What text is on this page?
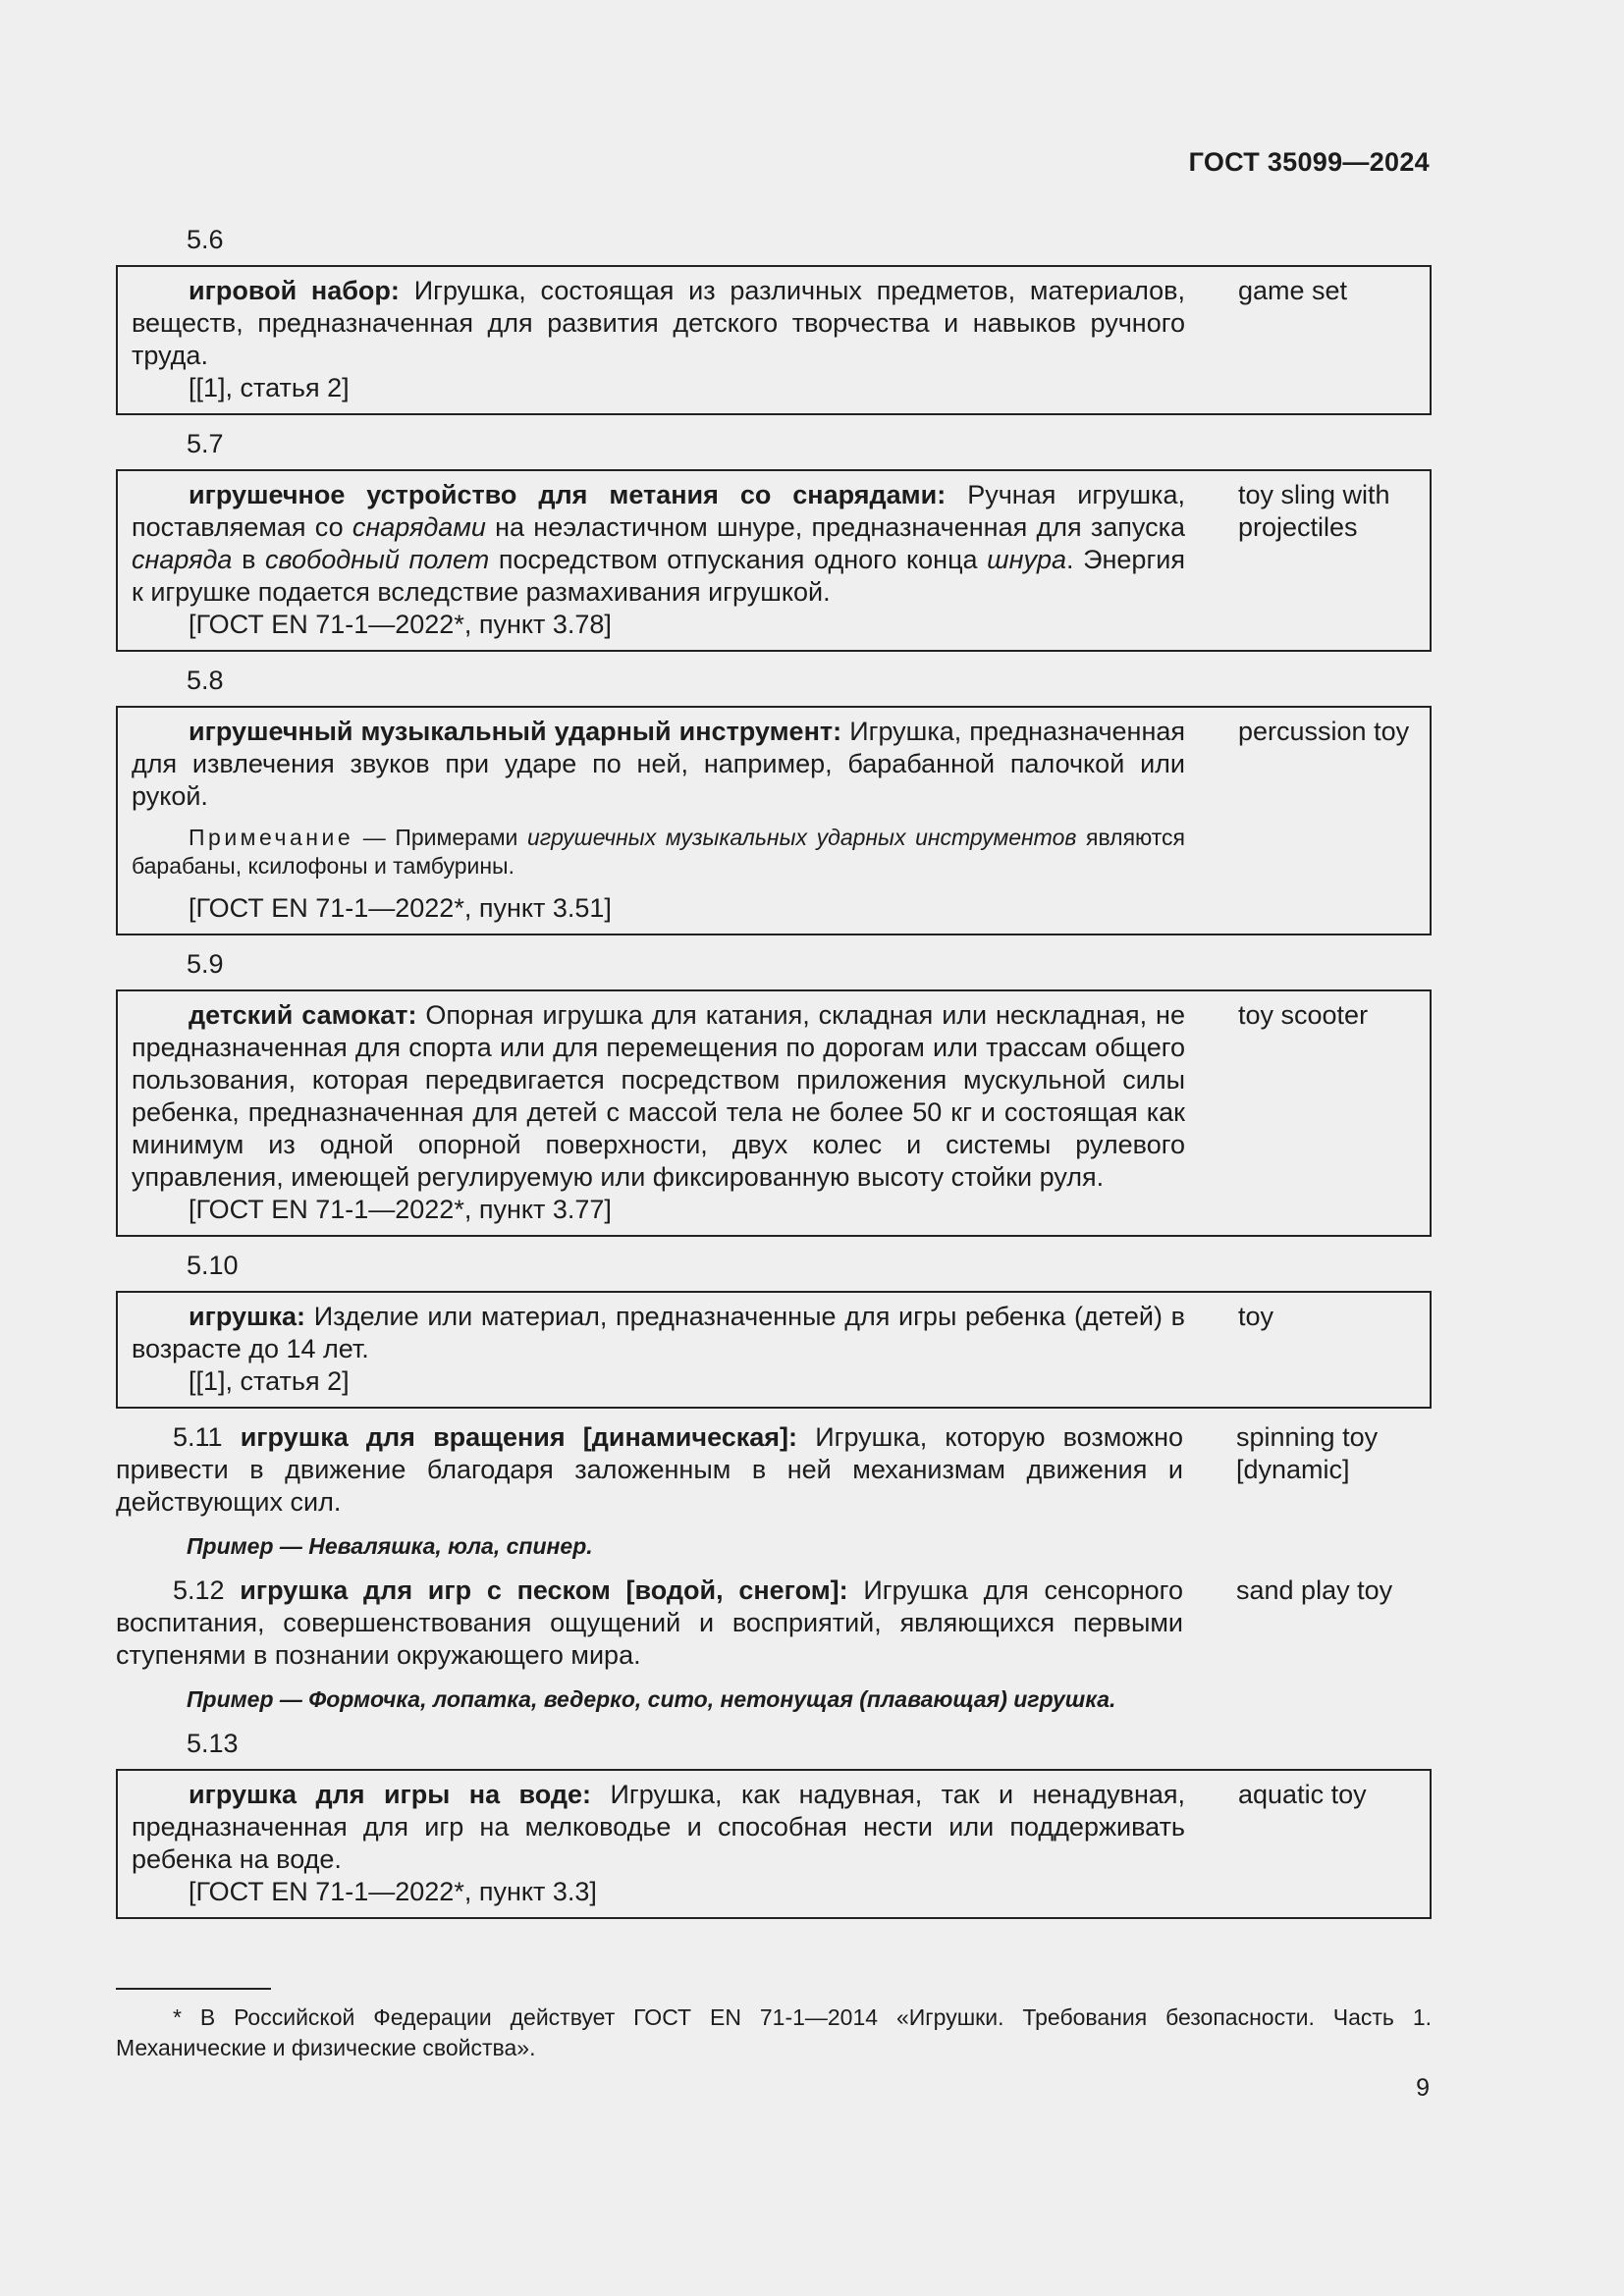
ГОСТ 35099—2024
5.6

игровой набор: Игрушка, состоящая из различных предметов, материалов, веществ, предназначенная для развития детского творчества и навыков ручного труда.

[[1], статья 2]
game set
5.7

игрушечное устройство для метания со снарядами: Ручная игрушка, поставляемая со снарядами на неэластичном шнуре, предназначенная для запуска снаряда в свободный полет посредством отпускания одного конца шнура. Энергия к игрушке подается вследствие размахивания игрушкой.

[ГОСТ EN 71-1—2022*, пункт 3.78]
toy sling with
projectiles
5.8

игрушечный музыкальный ударный инструмент: Игрушка, предназначенная для извлечения звуков при ударе по ней, например, барабанной палочкой или рукой.

Примечание — Примерами игрушечных музыкальных ударных инструментов являются барабаны, ксилофоны и тамбурины.

[ГОСТ EN 71-1—2022*, пункт 3.51]
percussion toy
5.9

детский самокат: Опорная игрушка для катания, складная или нескладная, не предназначенная для спорта или для перемещения по дорогам или трассам общего пользования, которая передвигается посредством приложения мускульной силы ребенка, предназначенная для детей с массой тела не более 50 кг и состоящая как минимум из одной опорной поверхности, двух колес и системы рулевого управления, имеющей регулируемую или фиксированную высоту стойки руля.

[ГОСТ EN 71-1—2022*, пункт 3.77]
toy scooter
5.10

игрушка: Изделие или материал, предназначенные для игры ребенка (детей) в возрасте до 14 лет.

[[1], статья 2]
toy

5.11 игрушка для вращения [динамическая]: Игрушка, которую возможно привести в движение благодаря заложенным в ней механизмам движения и действующих сил.

spinning toy
[dynamic]
Пример — Неваляшка, юла, спинер.

5.12 игрушка для игр с песком [водой, снегом]: Игрушка для сенсорного воспитания, совершенствования ощущений и восприятий, являющихся первыми ступенями в познании окружающего мира.

sand play toy
Пример — Формочка, лопатка, ведерко, сито, нетонущая (плавающая) игрушка.
5.13

игрушка для игры на воде: Игрушка, как надувная, так и ненадувная, предназначенная для игр на мелководье и способная нести или поддерживать ребенка на воде.

[ГОСТ EN 71-1—2022*, пункт 3.3]
aquatic toy
* В Российской Федерации действует ГОСТ EN 71-1—2014 «Игрушки. Требования безопасности. Часть 1. Механические и физические свойства».
9
